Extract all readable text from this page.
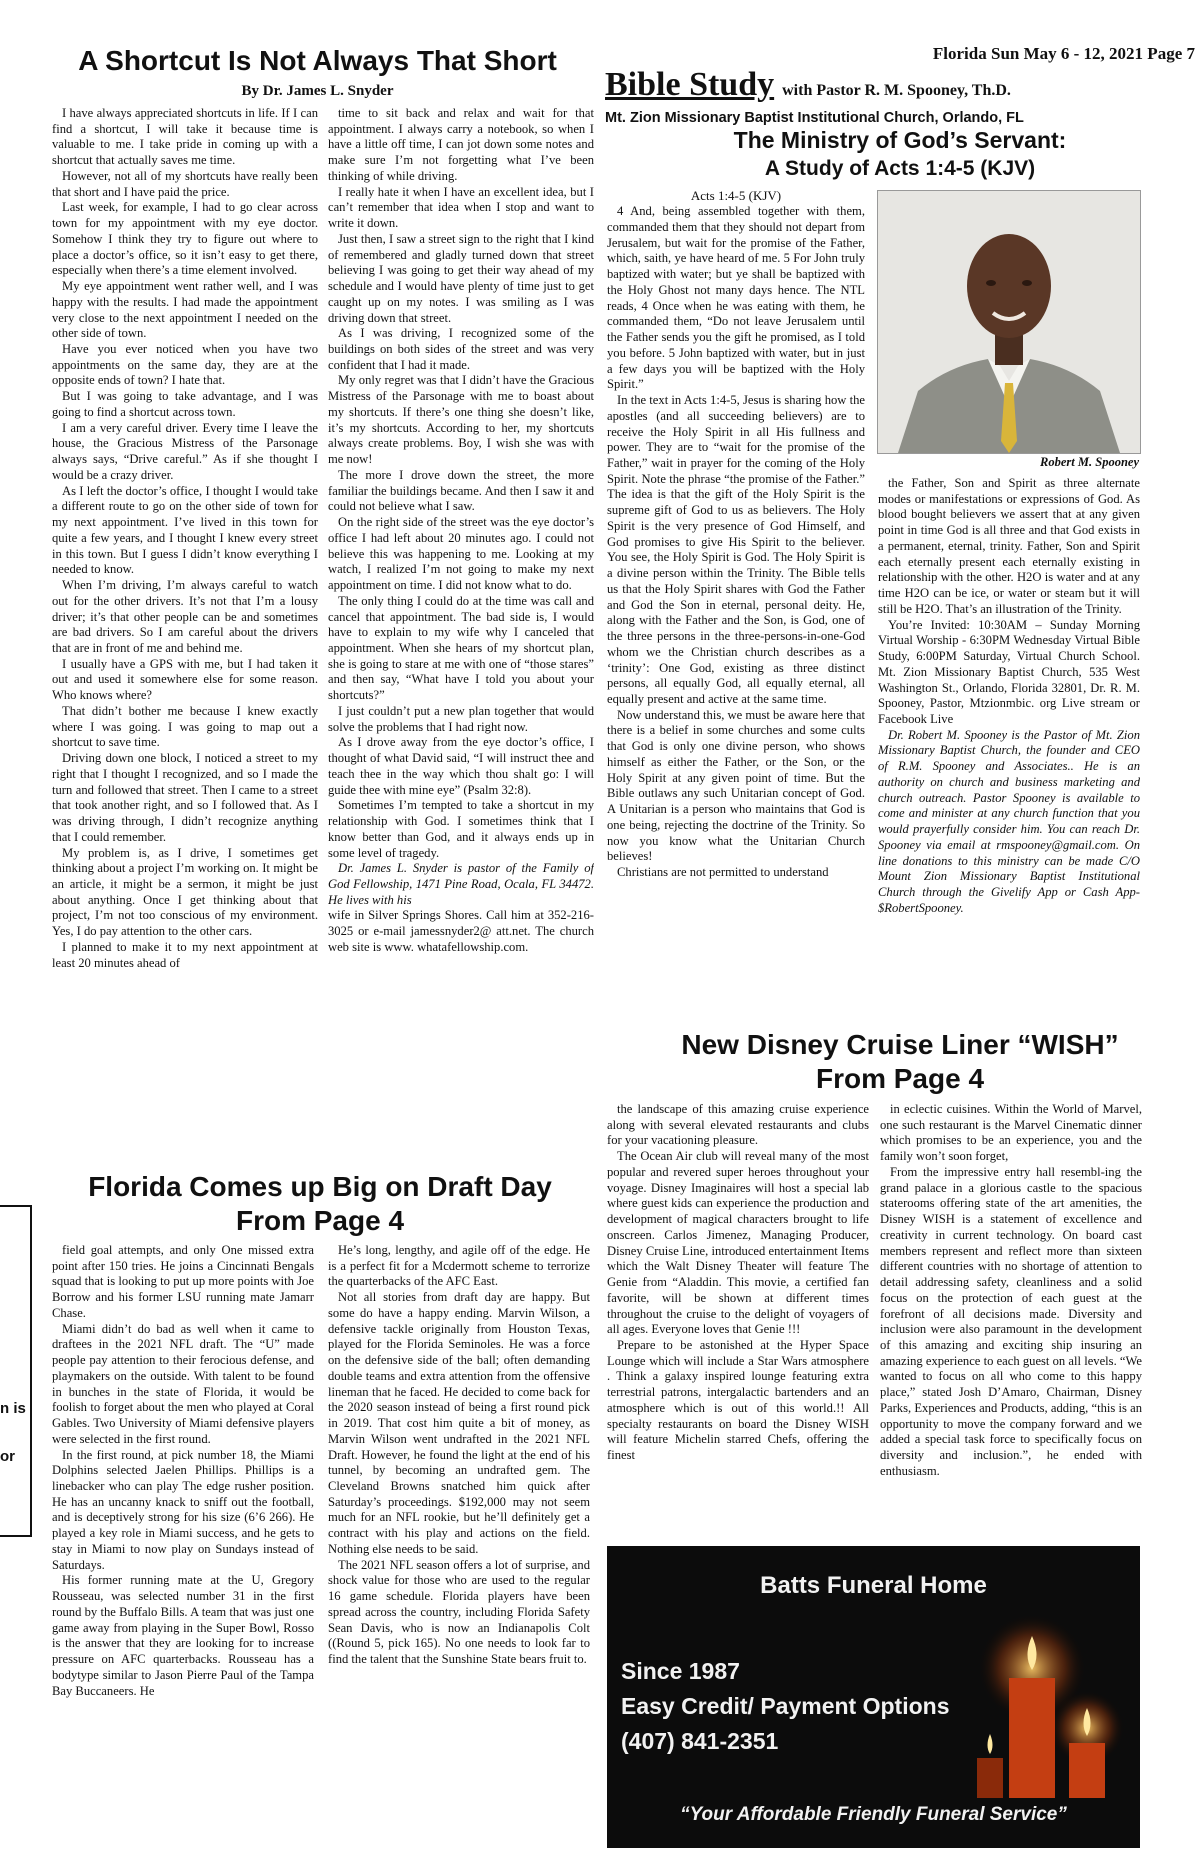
Florida Sun May 6 - 12, 2021 Page 7
A Shortcut Is Not Always That Short
By Dr. James L. Snyder

I have always appreciated shortcuts in life. If I can find a shortcut, I will take it because time is valuable to me. I take pride in coming up with a shortcut that actually saves me time.

However, not all of my shortcuts have really been that short and I have paid the price.

Last week, for example, I had to go clear across town for my appointment with my eye doctor. Somehow I think they try to figure out where to place a doctor’s office, so it isn’t easy to get there, especially when there’s a time element involved.

My eye appointment went rather well, and I was happy with the results. I had made the appointment very close to the next appointment I needed on the other side of town.

Have you ever noticed when you have two appointments on the same day, they are at the opposite ends of town? I hate that.

But I was going to take advantage, and I was going to find a shortcut across town.

I am a very careful driver. Every time I leave the house, the Gracious Mistress of the Parsonage always says, “Drive careful.” As if she thought I would be a crazy driver.

As I left the doctor’s office, I thought I would take a different route to go on the other side of town for my next appointment. I’ve lived in this town for quite a few years, and I thought I knew every street in this town. But I guess I didn’t know everything I needed to know.

When I’m driving, I’m always careful to watch out for the other drivers. It’s not that I’m a lousy driver; it’s that other people can be and sometimes are bad drivers. So I am careful about the drivers that are in front of me and behind me.

I usually have a GPS with me, but I had taken it out and used it somewhere else for some reason. Who knows where?

That didn’t bother me because I knew exactly where I was going. I was going to map out a shortcut to save time.

Driving down one block, I noticed a street to my right that I thought I recognized, and so I made the turn and followed that street. Then I came to a street that took another right, and so I followed that. As I was driving through, I didn’t recognize anything that I could remember.

My problem is, as I drive, I sometimes get thinking about a project I’m working on. It might be an article, it might be a sermon, it might be just about anything. Once I get thinking about that project, I’m not too conscious of my environment. Yes, I do pay attention to the other cars.

I planned to make it to my next appointment at least 20 minutes ahead of

time to sit back and relax and wait for that appointment. I always carry a notebook, so when I have a little off time, I can jot down some notes and make sure I’m not forgetting what I’ve been thinking of while driving.

I really hate it when I have an excellent idea, but I can’t remember that idea when I stop and want to write it down.

Just then, I saw a street sign to the right that I kind of remembered and gladly turned down that street believing I was going to get their way ahead of my schedule and I would have plenty of time just to get caught up on my notes. I was smiling as I was driving down that street.

As I was driving, I recognized some of the buildings on both sides of the street and was very confident that I had it made.

My only regret was that I didn’t have the Gracious Mistress of the Parsonage with me to boast about my shortcuts. If there’s one thing she doesn’t like, it’s my shortcuts. According to her, my shortcuts always create problems. Boy, I wish she was with me now!

The more I drove down the street, the more familiar the buildings became. And then I saw it and could not believe what I saw.

On the right side of the street was the eye doctor’s office I had left about 20 minutes ago. I could not believe this was happening to me. Looking at my watch, I realized I’m not going to make my next appointment on time. I did not know what to do.

The only thing I could do at the time was call and cancel that appointment. The bad side is, I would have to explain to my wife why I canceled that appointment. When she hears of my shortcut plan, she is going to stare at me with one of “those stares” and then say, “What have I told you about your shortcuts?”

I just couldn’t put a new plan together that would solve the problems that I had right now.

As I drove away from the eye doctor’s office, I thought of what David said, “I will instruct thee and teach thee in the way which thou shalt go: I will guide thee with mine eye” (Psalm 32:8).

Sometimes I’m tempted to take a shortcut in my relationship with God. I sometimes think that I know better than God, and it always ends up in some level of tragedy.

Dr. James L. Snyder is pastor of the Family of God Fellowship, 1471 Pine Road, Ocala, FL 34472. He lives with his

wife in Silver Springs Shores. Call him at 352-216-3025 or e-mail jamessnyder2@ att.net. The church web site is www. whatafellowship.com.

Bible Study with Pastor R. M. Spooney, Th.D.
Mt. Zion Missionary Baptist Institutional Church, Orlando, FL
The Ministry of God’s Servant:
A Study of Acts 1:4-5 (KJV)

Acts 1:4-5 (KJV)

4 And, being assembled together with them, commanded them that they should not depart from Jerusalem, but wait for the promise of the Father, which, saith, ye have heard of me. 5 For John truly baptized with water; but ye shall be baptized with the Holy Ghost not many days hence. The NTL reads, 4 Once when he was eating with them, he commanded them, “Do not leave Jerusalem until the Father sends you the gift he promised, as I told you before. 5 John baptized with water, but in just a few days you will be baptized with the Holy Spirit.”

In the text in Acts 1:4-5, Jesus is sharing how the apostles (and all succeeding believers) are to receive the Holy Spirit in all His fullness and power. They are to “wait for the promise of the Father,” wait in prayer for the coming of the Holy Spirit. Note the phrase “the promise of the Father.” The idea is that the gift of the Holy Spirit is the supreme gift of God to us as believers. The Holy Spirit is the very presence of God Himself, and God promises to give His Spirit to the believer. You see, the Holy Spirit is God. The Holy Spirit is a divine person within the Trinity. The Bible tells us that the Holy Spirit shares with God the Father and God the Son in eternal, personal deity. He, along with the Father and the Son, is God, one of the three persons in the three-persons-in-one-God whom we the Christian church describes as a ‘trinity’: One God, existing as three distinct persons, all equally God, all equally eternal, all equally present and active at the same time.

Now understand this, we must be aware here that there is a belief in some churches and some cults that God is only one divine person, who shows himself as either the Father, or the Son, or the Holy Spirit at any given point of time. But the Bible outlaws any such Unitarian concept of God. A Unitarian is a person who maintains that God is one being, rejecting the doctrine of the Trinity. So now you know what the Unitarian Church believes!

Christians are not permitted to understand

Robert M. Spooney

the Father, Son and Spirit as three alternate modes or manifestations or expressions of God. As blood bought believers we assert that at any given point in time God is all three and that God exists in a permanent, eternal, trinity. Father, Son and Spirit each eternally present each eternally existing in relationship with the other. H2O is water and at any time H2O can be ice, or water or steam but it will still be H2O. That’s an illustration of the Trinity.

You’re Invited: 10:30AM – Sunday Morning Virtual Worship - 6:30PM Wednesday Virtual Bible Study, 6:00PM Saturday, Virtual Church School. Mt. Zion Missionary Baptist Church, 535 West Washington St., Orlando, Florida 32801, Dr. R. M. Spooney, Pastor, Mtzionmbic. org Live stream or Facebook Live

Dr. Robert M. Spooney is the Pastor of Mt. Zion Missionary Baptist Church, the founder and CEO of R.M. Spooney and Associates.. He is an authority on church and business marketing and church outreach. Pastor Spooney is available to come and minister at any church function that you would prayerfully consider him. You can reach Dr. Spooney via email at rmspooney@gmail.com. On line donations to this ministry can be made C/O Mount Zion Missionary Baptist Institutional Church through the Givelify App or Cash App- $RobertSpooney.

New Disney Cruise Liner “WISH”
From Page 4

the landscape of this amazing cruise experience along with several elevated restaurants and clubs for your vacationing pleasure.

The Ocean Air club will reveal many of the most popular and revered super heroes throughout your voyage. Disney Imaginaires will host a special lab where guest kids can experience the production and development of magical characters brought to life onscreen. Carlos Jimenez, Managing Producer, Disney Cruise Line, introduced entertainment Items which the Walt Disney Theater will feature The Genie from “Aladdin. This movie, a certified fan favorite, will be shown at different times throughout the cruise to the delight of voyagers of all ages. Everyone loves that Genie !!!

Prepare to be astonished at the Hyper Space Lounge which will include a Star Wars atmosphere . Think a galaxy inspired lounge featuring extra terrestrial patrons, intergalactic bartenders and an atmosphere which is out of this world.!! All specialty restaurants on board the Disney WISH will feature Michelin starred Chefs, offering the finest

in eclectic cuisines. Within the World of Marvel, one such restaurant is the Marvel Cinematic dinner which promises to be an experience, you and the family won’t soon forget,

From the impressive entry hall resembl-ing the grand palace in a glorious castle to the spacious staterooms offering state of the art amenities, the Disney WISH is a statement of excellence and creativity in current technology. On board cast members represent and reflect more than sixteen different countries with no shortage of attention to detail addressing safety, cleanliness and a solid focus on the protection of each guest at the forefront of all decisions made. Diversity and inclusion were also paramount in the development of this amazing and exciting ship insuring an amazing experience to each guest on all levels. “We wanted to focus on all who come to this happy place,” stated Josh D’Amaro, Chairman, Disney Parks, Experiences and Products, adding, “this is an opportunity to move the company forward and we added a special task force to specifically focus on diversity and inclusion.”, he ended with enthusiasm.

Florida Comes up Big on Draft Day
From Page 4

field goal attempts, and only One missed extra point after 150 tries. He joins a Cincinnati Bengals squad that is looking to put up more points with Joe Borrow and his former LSU running mate Jamarr Chase.

Miami didn’t do bad as well when it came to draftees in the 2021 NFL draft. The “U” made people pay attention to their ferocious defense, and playmakers on the outside. With talent to be found in bunches in the state of Florida, it would be foolish to forget about the men who played at Coral Gables. Two University of Miami defensive players were selected in the first round.

In the first round, at pick number 18, the Miami Dolphins selected Jaelen Phillips. Phillips is a linebacker who can play The edge rusher position. He has an uncanny knack to sniff out the football, and is deceptively strong for his size (6’6 266). He played a key role in Miami success, and he gets to stay in Miami to now play on Sundays instead of Saturdays.

His former running mate at the U, Gregory Rousseau, was selected number 31 in the first round by the Buffalo Bills. A team that was just one game away from playing in the Super Bowl, Rosso is the answer that they are looking for to increase pressure on AFC quarterbacks. Rousseau has a bodytype similar to Jason Pierre Paul of the Tampa Bay Buccaneers. He

He’s long, lengthy, and agile off of the edge. He is a perfect fit for a Mcdermott scheme to terrorize the quarterbacks of the AFC East.

Not all stories from draft day are happy. But some do have a happy ending. Marvin Wilson, a defensive tackle originally from Houston Texas, played for the Florida Seminoles. He was a force on the defensive side of the ball; often demanding double teams and extra attention from the offensive lineman that he faced. He decided to come back for the 2020 season instead of being a first round pick in 2019. That cost him quite a bit of money, as Marvin Wilson went undrafted in the 2021 NFL Draft. However, he found the light at the end of his tunnel, by becoming an undrafted gem. The Cleveland Browns snatched him quick after Saturday’s proceedings. $192,000 may not seem much for an NFL rookie, but he’ll definitely get a contract with his play and actions on the field. Nothing else needs to be said.

The 2021 NFL season offers a lot of surprise, and shock value for those who are used to the regular 16 game schedule. Florida players have been spread across the country, including Florida Safety Sean Davis, who is now an Indianapolis Colt ((Round 5, pick 165). No one needs to look far to find the talent that the Sunshine State bears fruit to.

n is
or
Batts Funeral Home
Since 1987
Easy Credit/ Payment Options
(407) 841-2351
“Your Affordable Friendly Funeral Service”
